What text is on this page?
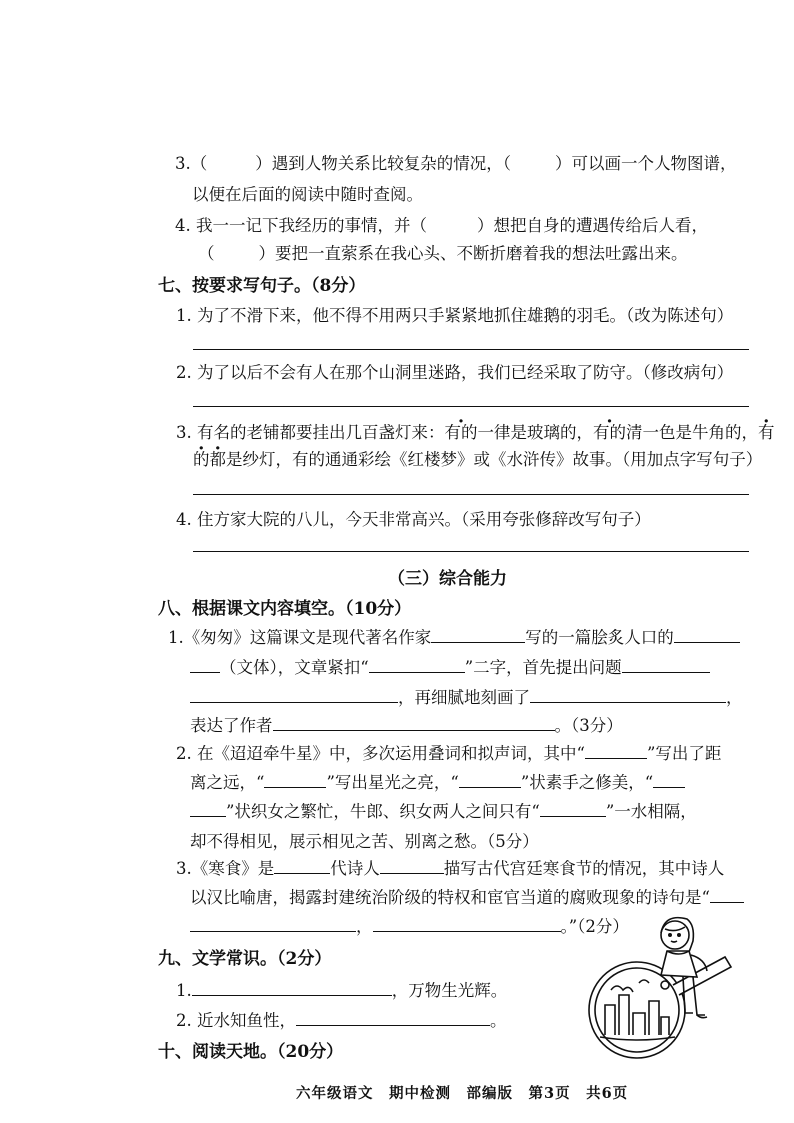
3.（	）遇到人物关系比较复杂的情况，（	）可以画一个人物图谱，
以便在后面的阅读中随时查阅。
4. 我一一记下我经历的事情，并（	）想把自身的遭遇传给后人看，
（	）要把一直萦系在我心头、不断折磨着我的想法吐露出来。
七、按要求写句子。（8分）
1. 为了不滑下来，他不得不用两只手紧紧地抓住雄鹅的羽毛。（改为陈述句）
2. 为了以后不会有人在那个山洞里迷路，我们已经采取了防守。（修改病句）
3. 有名的老铺都要挂出几百盏灯来：有的一律是玻璃的，有的清一色是牛角的，有
的都是纱灯，有的通通彩绘《红楼梦》或《水浒传》故事。（用加点字写句子）
4. 住方家大院的八儿，今天非常高兴。（采用夸张修辞改写句子）
（三）综合能力
八、根据课文内容填空。（10分）
1.《匆匆》这篇课文是现代著名作家	写的一篇脍炙人口的
（文体），文章紧扣“	”二字，首先提出问题
，再细腻地刻画了	，
表达了作者	。（3分）
2. 在《迢迢牵牛星》中，多次运用叠词和拟声词，其中“	”写出了距
离之远，“	”写出星光之亮，“	”状素手之修美，“
”状织女之繁忙，牛郎、织女两人之间只有“	”一水相隔，
却不得相见，展示相见之苦、别离之愁。（5分）
3.《寒食》是	代诗人	描写古代宫廷寒食节的情况，其中诗人
以汉比喻唐，揭露封建统治阶级的特权和宦官当道的腐败现象的诗句是“
，	。”（2分）
九、文学常识。（2分）
1.	，万物生光辉。
2. 近水知鱼性，	。
十、阅读天地。（20分）
六年级语文　期中检测　部编版　第3页　共6页
